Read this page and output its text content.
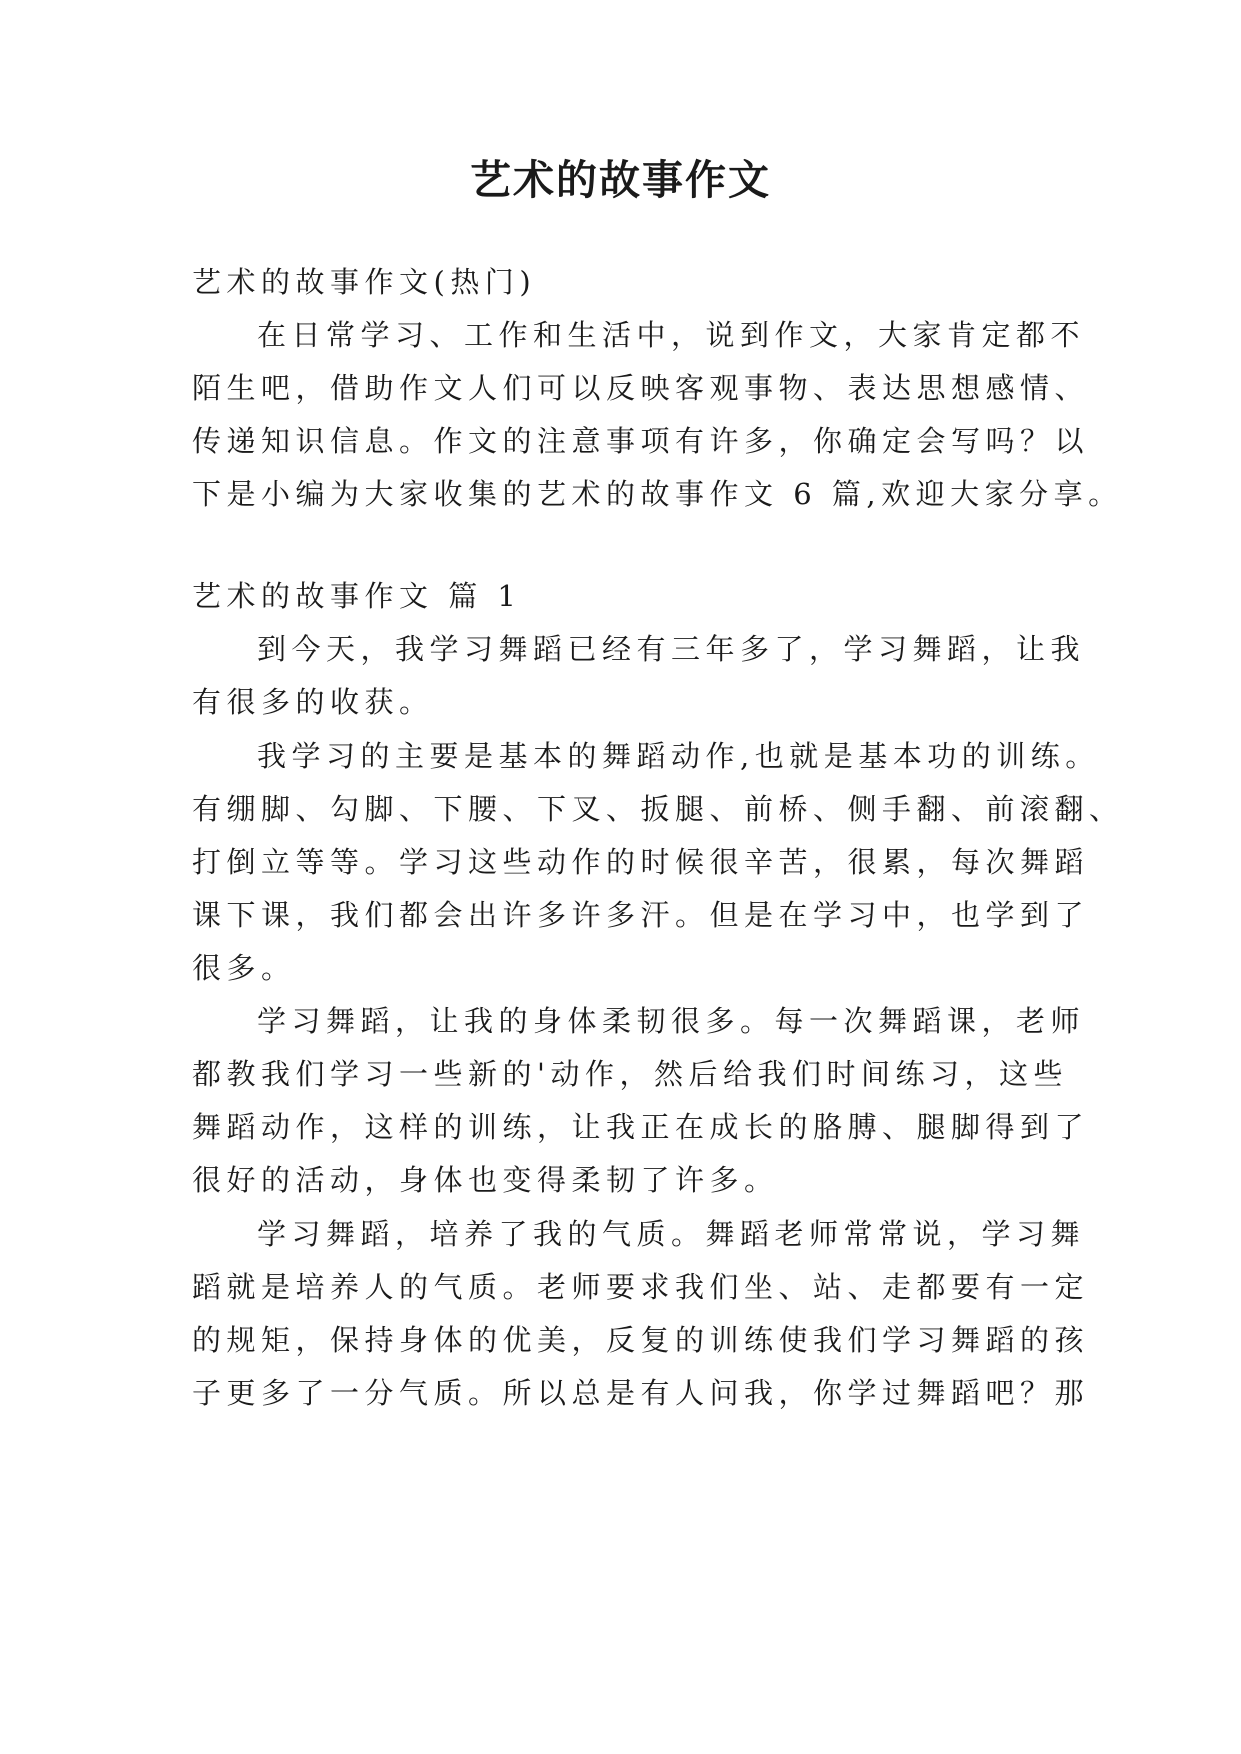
艺术的故事作文

艺术的故事作文(热门)

在日常学习、工作和生活中，说到作文，大家肯定都不

陌生吧，借助作文人们可以反映客观事物、表达思想感情、

传递知识信息。作文的注意事项有许多，你确定会写吗？以

下是小编为大家收集的艺术的故事作文 6 篇,欢迎大家分享。

艺术的故事作文 篇 1

到今天，我学习舞蹈已经有三年多了，学习舞蹈，让我

有很多的收获。

我学习的主要是基本的舞蹈动作,也就是基本功的训练。

有绷脚、勾脚、下腰、下叉、扳腿、前桥、侧手翻、前滚翻、

打倒立等等。学习这些动作的时候很辛苦，很累，每次舞蹈

课下课，我们都会出许多许多汗。但是在学习中，也学到了

很多。

学习舞蹈，让我的身体柔韧很多。每一次舞蹈课，老师

都教我们学习一些新的'动作，然后给我们时间练习，这些

舞蹈动作，这样的训练，让我正在成长的胳膊、腿脚得到了

很好的活动，身体也变得柔韧了许多。

学习舞蹈，培养了我的气质。舞蹈老师常常说，学习舞

蹈就是培养人的气质。老师要求我们坐、站、走都要有一定

的规矩，保持身体的优美，反复的训练使我们学习舞蹈的孩

子更多了一分气质。所以总是有人问我，你学过舞蹈吧？那
